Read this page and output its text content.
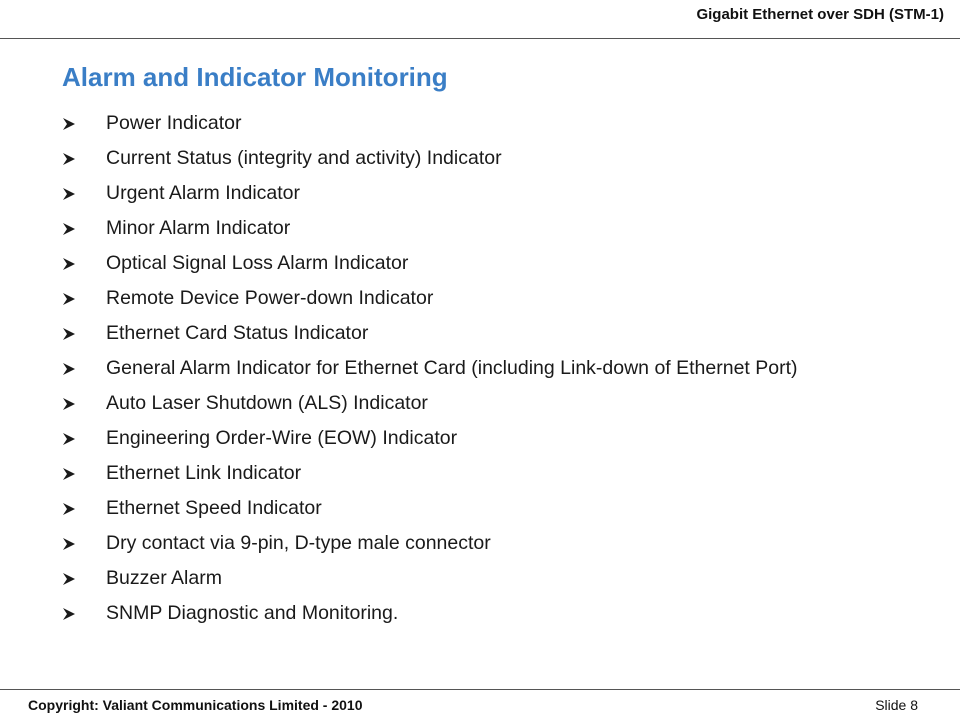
Gigabit Ethernet over SDH (STM-1)
Alarm and Indicator Monitoring
Power Indicator
Current Status (integrity and activity) Indicator
Urgent Alarm Indicator
Minor Alarm Indicator
Optical Signal Loss Alarm Indicator
Remote Device Power-down Indicator
Ethernet Card Status Indicator
General Alarm Indicator for Ethernet Card (including Link-down of Ethernet Port)
Auto Laser Shutdown (ALS) Indicator
Engineering Order-Wire (EOW) Indicator
Ethernet Link Indicator
Ethernet Speed Indicator
Dry contact via 9-pin, D-type male connector
Buzzer Alarm
SNMP Diagnostic and Monitoring.
Copyright: Valiant Communications Limited - 2010	Slide 8
